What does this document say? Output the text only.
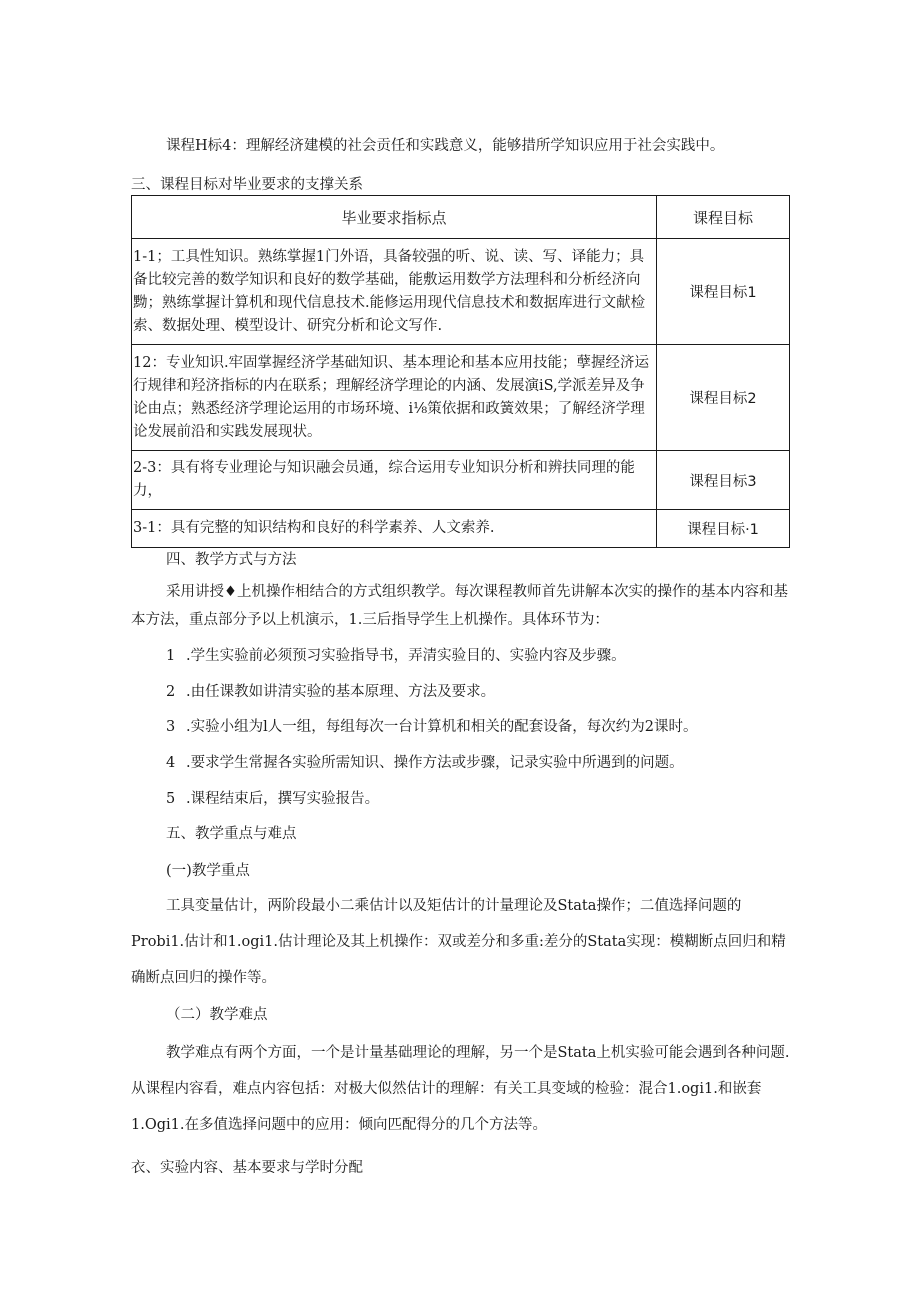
课程H标4：理解经济建模的社会贡任和实践意义，能够措所学知识应用于社会实践中。
三、课程目标对毕业要求的支撑关系
毕业要求指标点	课程目标
1-1；工具性知识。熟练掌握1门外语，具备较强的听、说、读、写、译能力；具备比较完善的数学知识和良好的数学基础，能敷运用数学方法理科和分析经济向黝；熟练掌握计算机和现代信息技术.能修运用现代信息技术和数据库进行文献检索、数据处理、模型设计、研究分析和论文写作.	课程目标1
12：专业知识.牢固掌握经济学基础知识、基本理论和基本应用技能；孽握经济运行规律和羟济指标的内在联系；理解经济学理论的内涵、发展演iS,学派差异及争论由点；熟悉经济学理论运用的市场环境、i⅛策依据和政簧效果；了解经济学理论发展前沿和实践发展现状。	课程目标2
2-3：具有将专业理论与知识融会员通，综合运用专业知识分析和辨扶同理的能力，	课程目标3
3-1：具有完整的知识结构和良好的科学素养、人文索养.	课程目标·1
四、教学方式与方法
采用讲授♦上机操作相结合的方式组织教学。每次课程教师首先讲解本次实的操作的基本内容和基本方法，重点部分予以上机演示，1.三后指导学生上机操作。具体环节为：
1 .学生实验前必须预习实验指导书，弄清实验目的、实验内容及步骤。
2 .由任课教如讲清实验的基本原理、方法及要求。
3 .实验小组为l人一组，每组每次一台计算机和相关的配套设备，每次约为2课时。
4 .要求学生常握各实验所需知识、操作方法或步骤，记录实验中所遇到的问题。
5 .课程结束后，撰写实验报告。
五、教学重点与难点
(一)教学重点
工具变量估计，两阶段最小二乘估计以及矩估计的计量理论及Stata操作；二值选择问题的Probi1.估计和1.ogi1.估计理论及其上机操作：双或差分和多重:差分的Stata实现：模糊断点回归和精确断点回归的操作等。
（二）教学难点
教学难点有两个方面，一个是计量基础理论的理解，另一个是Stata上机实验可能会遇到各种问题.从课程内容看，难点内容包括：对极大似然估计的理解：有关工具变域的检验：混合1.ogi1.和嵌套1.Ogi1.在多值选择问题中的应用：倾向匹配得分的几个方法等。
衣、实验内容、基本要求与学时分配
